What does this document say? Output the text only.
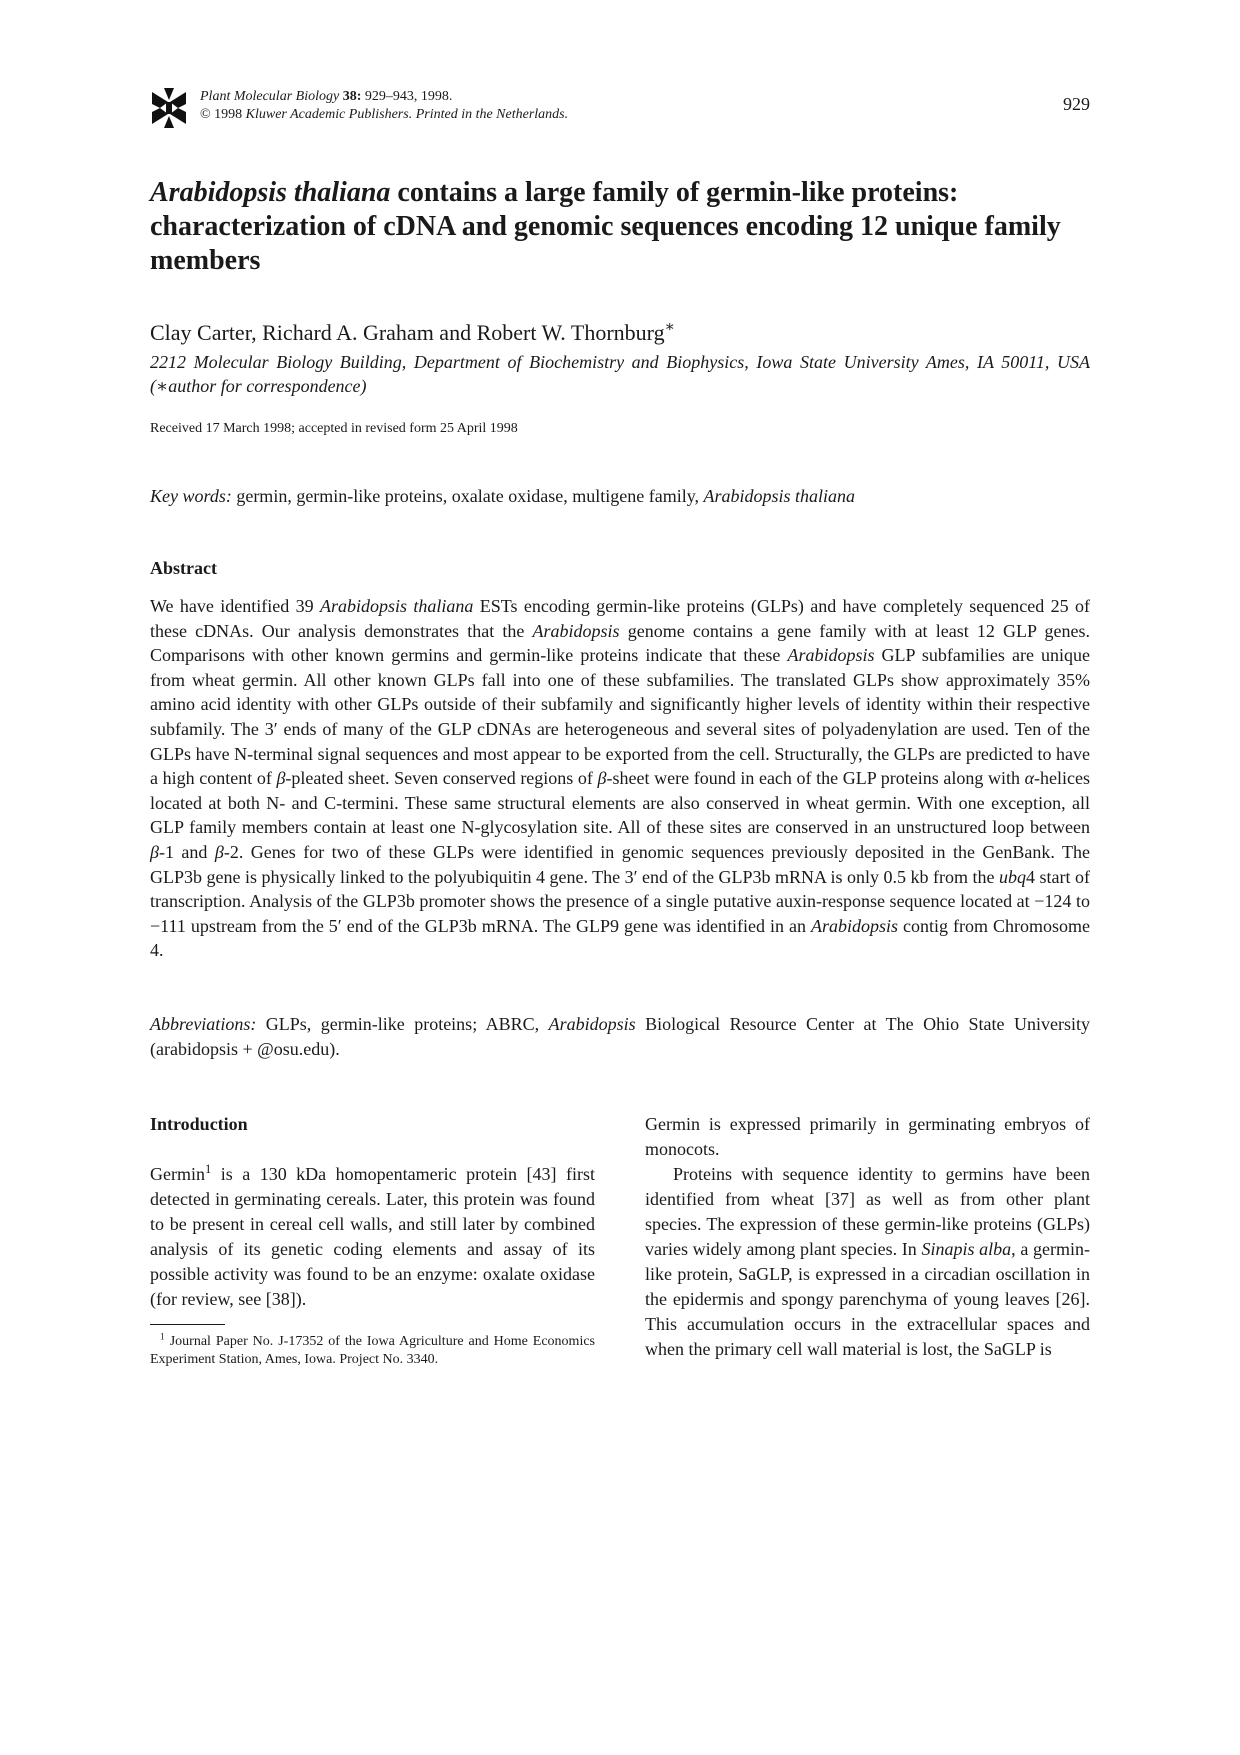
Plant Molecular Biology 38: 929–943, 1998.
© 1998 Kluwer Academic Publishers. Printed in the Netherlands.
929
Arabidopsis thaliana contains a large family of germin-like proteins: characterization of cDNA and genomic sequences encoding 12 unique family members
Clay Carter, Richard A. Graham and Robert W. Thornburg∗
2212 Molecular Biology Building, Department of Biochemistry and Biophysics, Iowa State University Ames, IA 50011, USA (∗author for correspondence)
Received 17 March 1998; accepted in revised form 25 April 1998
Key words: germin, germin-like proteins, oxalate oxidase, multigene family, Arabidopsis thaliana
Abstract

We have identified 39 Arabidopsis thaliana ESTs encoding germin-like proteins (GLPs) and have completely sequenced 25 of these cDNAs. Our analysis demonstrates that the Arabidopsis genome contains a gene family with at least 12 GLP genes. Comparisons with other known germins and germin-like proteins indicate that these Arabidopsis GLP subfamilies are unique from wheat germin. All other known GLPs fall into one of these subfamilies. The translated GLPs show approximately 35% amino acid identity with other GLPs outside of their subfamily and significantly higher levels of identity within their respective subfamily. The 3′ ends of many of the GLP cDNAs are heterogeneous and several sites of polyadenylation are used. Ten of the GLPs have N-terminal signal sequences and most appear to be exported from the cell. Structurally, the GLPs are predicted to have a high content of β-pleated sheet. Seven conserved regions of β-sheet were found in each of the GLP proteins along with α-helices located at both N- and C-termini. These same structural elements are also conserved in wheat germin. With one exception, all GLP family members contain at least one N-glycosylation site. All of these sites are conserved in an unstructured loop between β-1 and β-2. Genes for two of these GLPs were identified in genomic sequences previously deposited in the GenBank. The GLP3b gene is physically linked to the polyubiquitin 4 gene. The 3′ end of the GLP3b mRNA is only 0.5 kb from the ubq4 start of transcription. Analysis of the GLP3b promoter shows the presence of a single putative auxin-response sequence located at −124 to −111 upstream from the 5′ end of the GLP3b mRNA. The GLP9 gene was identified in an Arabidopsis contig from Chromosome 4.

Abbreviations: GLPs, germin-like proteins; ABRC, Arabidopsis Biological Resource Center at The Ohio State University (arabidopsis + @osu.edu).

Introduction

Germin$^1$ is a 130 kDa homopentameric protein [43] first detected in germinating cereals. Later, this protein was found to be present in cereal cell walls, and still later by combined analysis of its genetic coding elements and assay of its possible activity was found to be an enzyme: oxalate oxidase (for review, see [38]).

$^1$ Journal Paper No. J-17352 of the Iowa Agriculture and Home Economics Experiment Station, Ames, Iowa. Project No. 3340.

Germin is expressed primarily in germinating embryos of monocots.

Proteins with sequence identity to germins have been identified from wheat [37] as well as from other plant species. The expression of these germin-like proteins (GLPs) varies widely among plant species. In Sinapis alba, a germin-like protein, SaGLP, is expressed in a circadian oscillation in the epidermis and spongy parenchyma of young leaves [26]. This accumulation occurs in the extracellular spaces and when the primary cell wall material is lost, the SaGLP is
